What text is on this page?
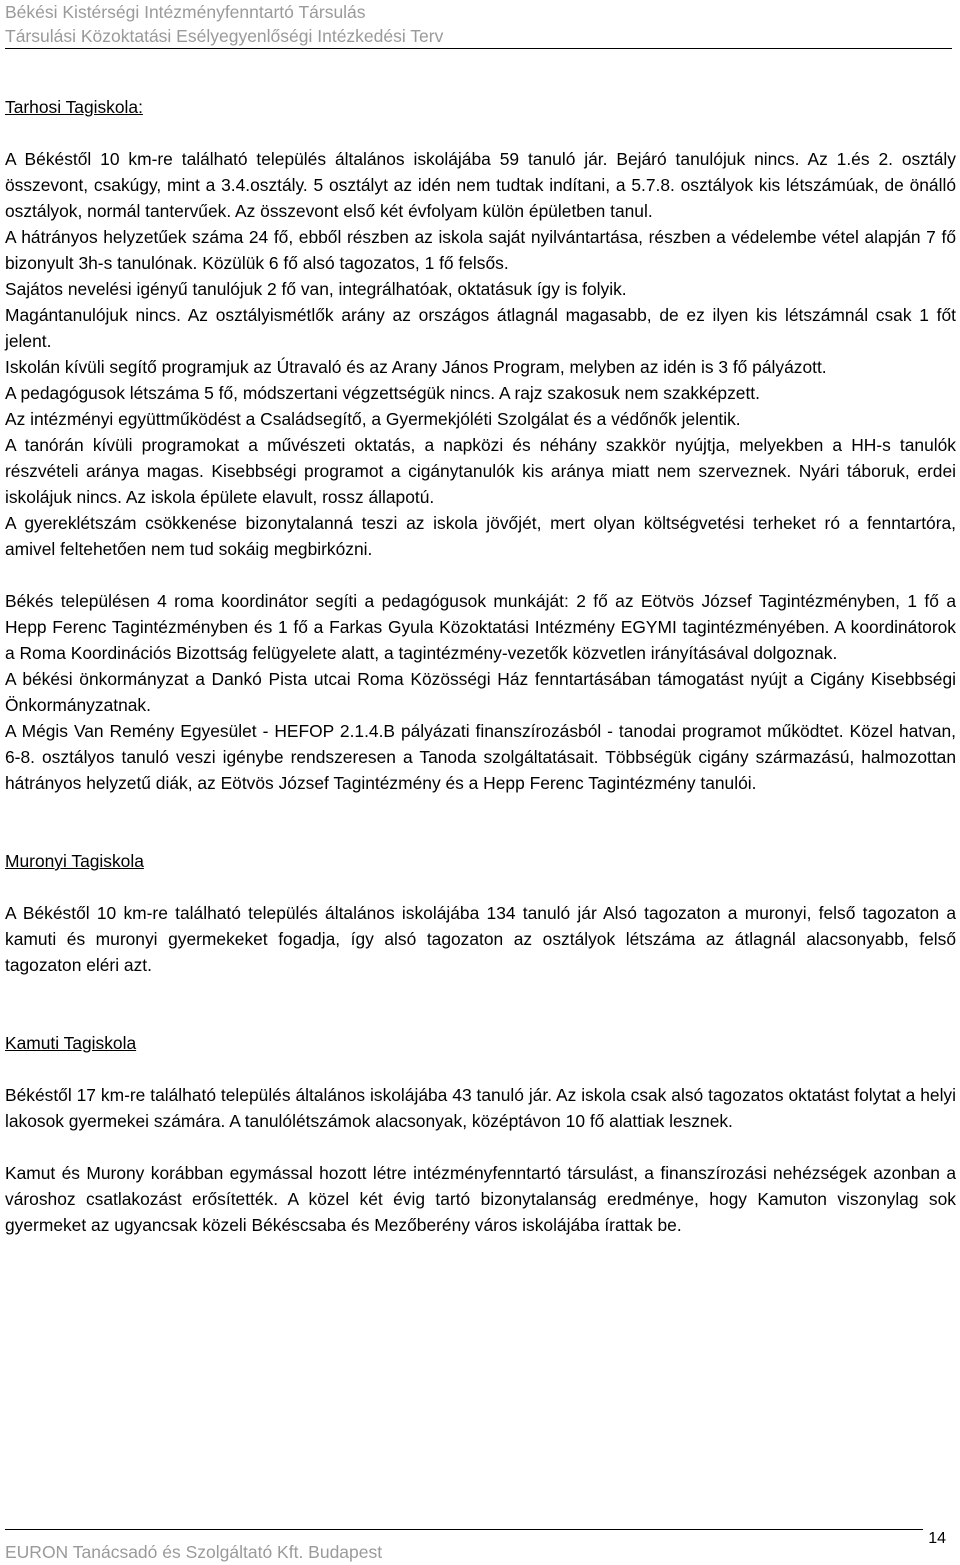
Békési Kistérségi Intézményfenntartó Társulás
Társulási Közoktatási Esélyegyenlőségi Intézkedési Terv
Tarhosi Tagiskola:
A Békéstől 10 km-re található település általános iskolájába 59 tanuló jár. Bejáró tanulójuk nincs. Az 1.és 2. osztály összevont, csakúgy, mint a 3.4.osztály. 5 osztályt az idén nem tudtak indítani, a 5.7.8. osztályok kis létszámúak, de önálló osztályok, normál tantervűek. Az összevont első két évfolyam külön épületben tanul.
A hátrányos helyzetűek száma 24 fő, ebből részben az iskola saját nyilvántartása, részben a védelembe vétel alapján 7 fő bizonyult 3h-s tanulónak. Közülük 6 fő alsó tagozatos, 1 fő felsős.
Sajátos nevelési igényű tanulójuk 2 fő van, integrálhatóak, oktatásuk így is folyik.
Magántanulójuk nincs. Az osztályismétlők arány az országos átlagnál magasabb, de ez ilyen kis létszámnál csak 1 főt jelent.
Iskolán kívüli segítő programjuk az Útravaló és az Arany János Program, melyben az idén is 3 fő pályázott.
A pedagógusok létszáma 5 fő, módszertani végzettségük nincs. A rajz szakosuk nem szakképzett.
Az intézményi együttműködést a Családsegítő, a Gyermekjóléti Szolgálat és a védőnők jelentik.
A tanórán kívüli programokat a művészeti oktatás, a napközi és néhány szakkör nyújtja, melyekben a HH-s tanulók részvételi aránya magas. Kisebbségi programot a cigánytanulók kis aránya miatt nem szerveznek. Nyári táboruk, erdei iskolájuk nincs. Az iskola épülete elavult, rossz állapotú.
A gyereklétszám csökkenése bizonytalanná teszi az iskola jövőjét, mert olyan költségvetési terheket ró a fenntartóra, amivel feltehetően nem tud sokáig megbirkózni.
Békés településen 4 roma koordinátor segíti a pedagógusok munkáját: 2 fő az Eötvös József Tagintézményben, 1 fő a Hepp Ferenc Tagintézményben és 1 fő a Farkas Gyula Közoktatási Intézmény EGYMI tagintézményében. A koordinátorok a Roma Koordinációs Bizottság felügyelete alatt, a tagintézmény-vezetők közvetlen irányításával dolgoznak.
A békési önkormányzat a Dankó Pista utcai Roma Közösségi Ház fenntartásában támogatást nyújt a Cigány Kisebbségi Önkormányzatnak.
A Mégis Van Remény Egyesület - HEFOP 2.1.4.B pályázati finanszírozásból - tanodai programot működtet. Közel hatvan, 6-8. osztályos tanuló veszi igénybe rendszeresen a Tanoda szolgáltatásait. Többségük cigány származású, halmozottan hátrányos helyzetű diák, az Eötvös József Tagintézmény és a Hepp Ferenc Tagintézmény tanulói.
Muronyi Tagiskola
A Békéstől 10 km-re található település általános iskolájába 134 tanuló jár Alsó tagozaton a muronyi, felső tagozaton a kamuti és muronyi gyermekeket fogadja, így alsó tagozaton az osztályok létszáma az átlagnál alacsonyabb, felső tagozaton eléri azt.
Kamuti Tagiskola
Békéstől 17 km-re található település általános iskolájába 43 tanuló jár. Az iskola csak alsó tagozatos oktatást folytat a helyi lakosok gyermekei számára. A tanulólétszámok alacsonyak, középtávon 10 fő alattiak lesznek.
Kamut és Murony korábban egymással hozott létre intézményfenntartó társulást, a finanszírozási nehézségek azonban a városhoz csatlakozást erősítették. A közel két évig tartó bizonytalanság eredménye, hogy Kamuton viszonylag sok gyermeket az ugyancsak közeli Békéscsaba és Mezőberény város iskolájába írattak be.
EURON Tanácsadó és Szolgáltató Kft. Budapest
14
